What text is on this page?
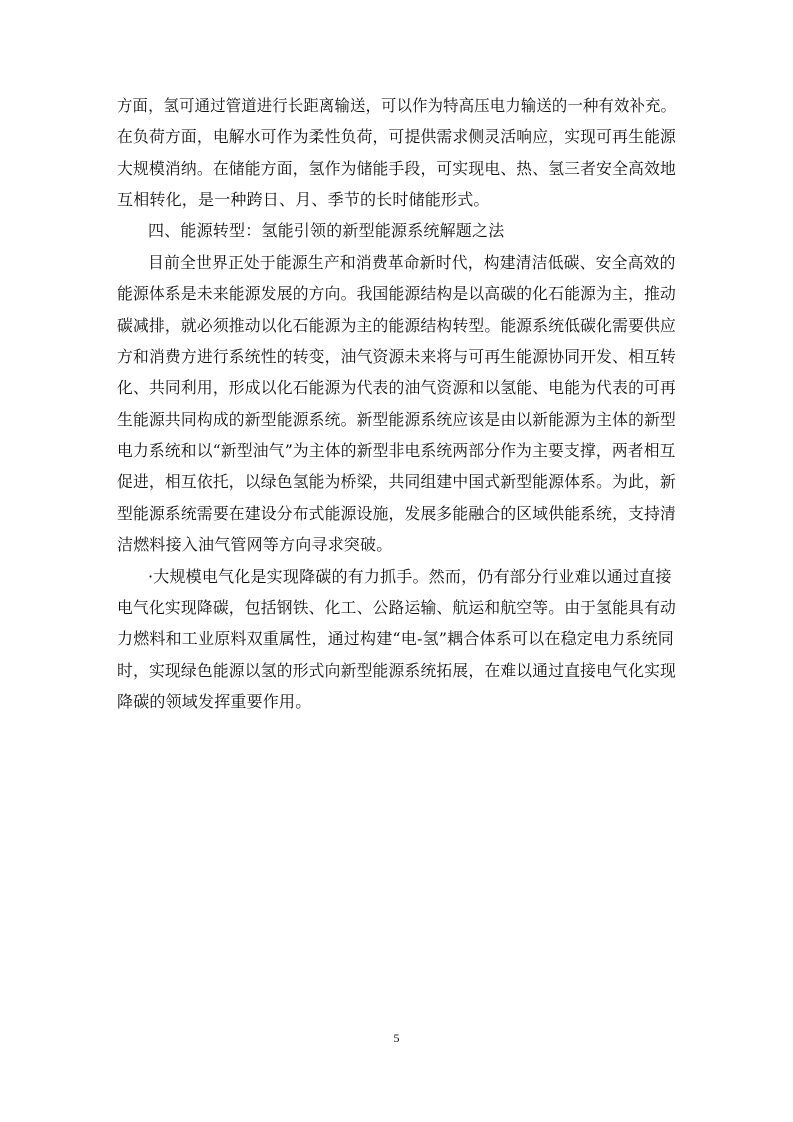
方面，氢可通过管道进行长距离输送，可以作为特高压电力输送的一种有效补充。
在负荷方面，电解水可作为柔性负荷，可提供需求侧灵活响应，实现可再生能源
大规模消纳。在储能方面，氢作为储能手段，可实现电、热、氢三者安全高效地
互相转化，是一种跨日、月、季节的长时储能形式。
四、能源转型：氢能引领的新型能源系统解题之法
目前全世界正处于能源生产和消费革命新时代，构建清洁低碳、安全高效的
能源体系是未来能源发展的方向。我国能源结构是以高碳的化石能源为主，推动
碳减排，就必须推动以化石能源为主的能源结构转型。能源系统低碳化需要供应
方和消费方进行系统性的转变，油气资源未来将与可再生能源协同开发、相互转
化、共同利用，形成以化石能源为代表的油气资源和以氢能、电能为代表的可再
生能源共同构成的新型能源系统。新型能源系统应该是由以新能源为主体的新型
电力系统和以“新型油气”为主体的新型非电系统两部分作为主要支撑，两者相互
促进，相互依托，以绿色氢能为桥梁，共同组建中国式新型能源体系。为此，新
型能源系统需要在建设分布式能源设施，发展多能融合的区域供能系统，支持清
洁燃料接入油气管网等方向寻求突破。
·大规模电气化是实现降碳的有力抓手。然而，仍有部分行业难以通过直接
电气化实现降碳，包括钢铁、化工、公路运输、航运和航空等。由于氢能具有动
力燃料和工业原料双重属性，通过构建“电-氢”耦合体系可以在稳定电力系统同
时，实现绿色能源以氢的形式向新型能源系统拓展，在难以通过直接电气化实现
降碳的领域发挥重要作用。
5
